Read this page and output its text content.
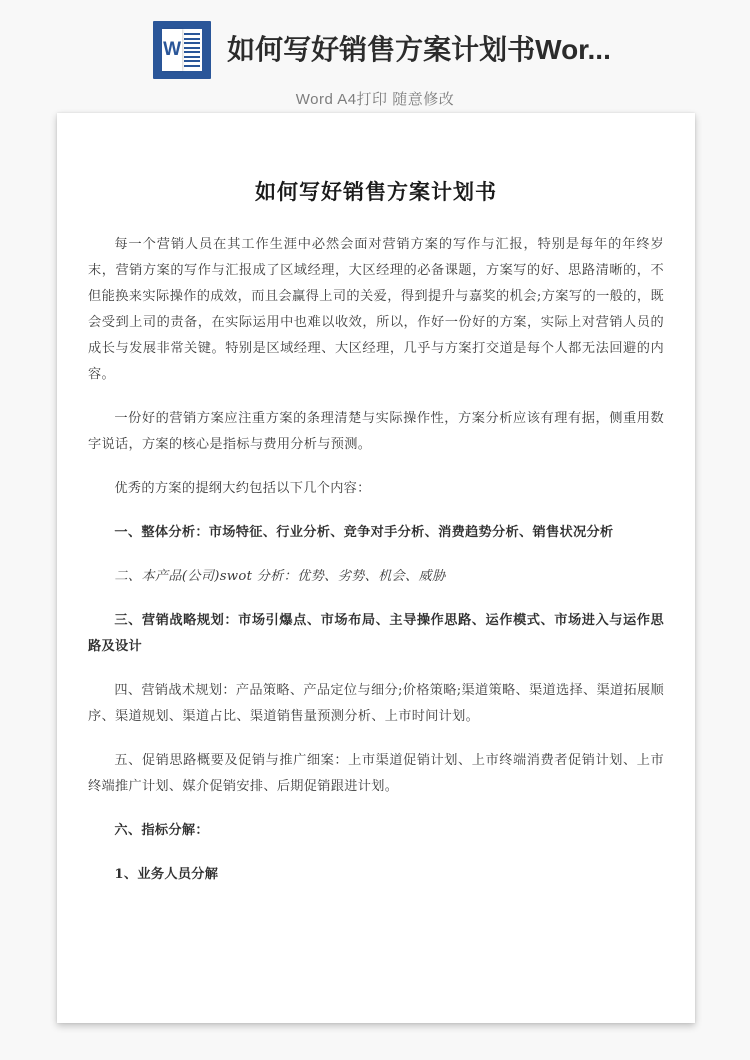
W 如何写好销售方案计划书Wor...
Word A4打印 随意修改
如何写好销售方案计划书
每一个营销人员在其工作生涯中必然会面对营销方案的写作与汇报，特别是每年的年终岁末，营销方案的写作与汇报成了区域经理，大区经理的必备课题，方案写的好、思路清晰的，不但能换来实际操作的成效，而且会赢得上司的关爱，得到提升与嘉奖的机会;方案写的一般的，既会受到上司的责备，在实际运用中也难以收效，所以，作好一份好的方案，实际上对营销人员的成长与发展非常关键。特别是区域经理、大区经理，几乎与方案打交道是每个人都无法回避的内容。
一份好的营销方案应注重方案的条理清楚与实际操作性，方案分析应该有理有据，侧重用数字说话，方案的核心是指标与费用分析与预测。
优秀的方案的提纲大约包括以下几个内容：
一、整体分析：市场特征、行业分析、竞争对手分析、消费趋势分析、销售状况分析
二、本产品(公司)swot 分析：优势、劣势、机会、威胁
三、营销战略规划：市场引爆点、市场布局、主导操作思路、运作模式、市场进入与运作思路及设计
四、营销战术规划：产品策略、产品定位与细分;价格策略;渠道策略、渠道选择、渠道拓展顺序、渠道规划、渠道占比、渠道销售量预测分析、上市时间计划。
五、促销思路概要及促销与推广细案：上市渠道促销计划、上市终端消费者促销计划、上市终端推广计划、媒介促销安排、后期促销跟进计划。
六、指标分解：
1、业务人员分解
